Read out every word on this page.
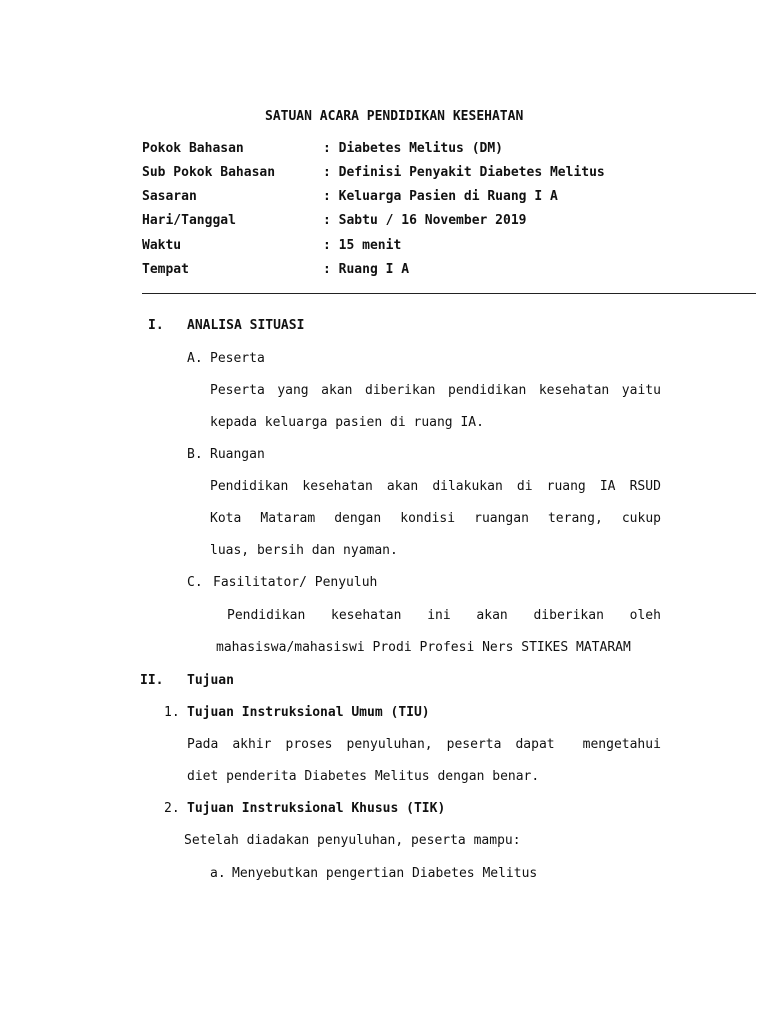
SATUAN ACARA PENDIDIKAN KESEHATAN
Pokok Bahasan	: Diabetes Melitus (DM)
Sub Pokok Bahasan	: Definisi Penyakit Diabetes Melitus
Sasaran	: Keluarga Pasien di Ruang I A
Hari/Tanggal	: Sabtu / 16 November 2019
Waktu	: 15 menit
Tempat	: Ruang I A
I. ANALISA SITUASI
A. Peserta
Peserta yang akan diberikan pendidikan kesehatan yaitu
kepada keluarga pasien di ruang IA.
B. Ruangan
Pendidikan kesehatan akan dilakukan di ruang IA RSUD
Kota Mataram dengan kondisi ruangan terang, cukup
luas, bersih dan nyaman.
C. Fasilitator/ Penyuluh
Pendidikan kesehatan ini akan diberikan oleh
mahasiswa/mahasiswi Prodi Profesi Ners STIKES MATARAM
II. Tujuan
1. Tujuan Instruksional Umum (TIU)
Pada akhir proses penyuluhan, peserta dapat mengetahui
diet penderita Diabetes Melitus dengan benar.
2. Tujuan Instruksional Khusus (TIK)
Setelah diadakan penyuluhan, peserta mampu:
a. Menyebutkan pengertian Diabetes Melitus
